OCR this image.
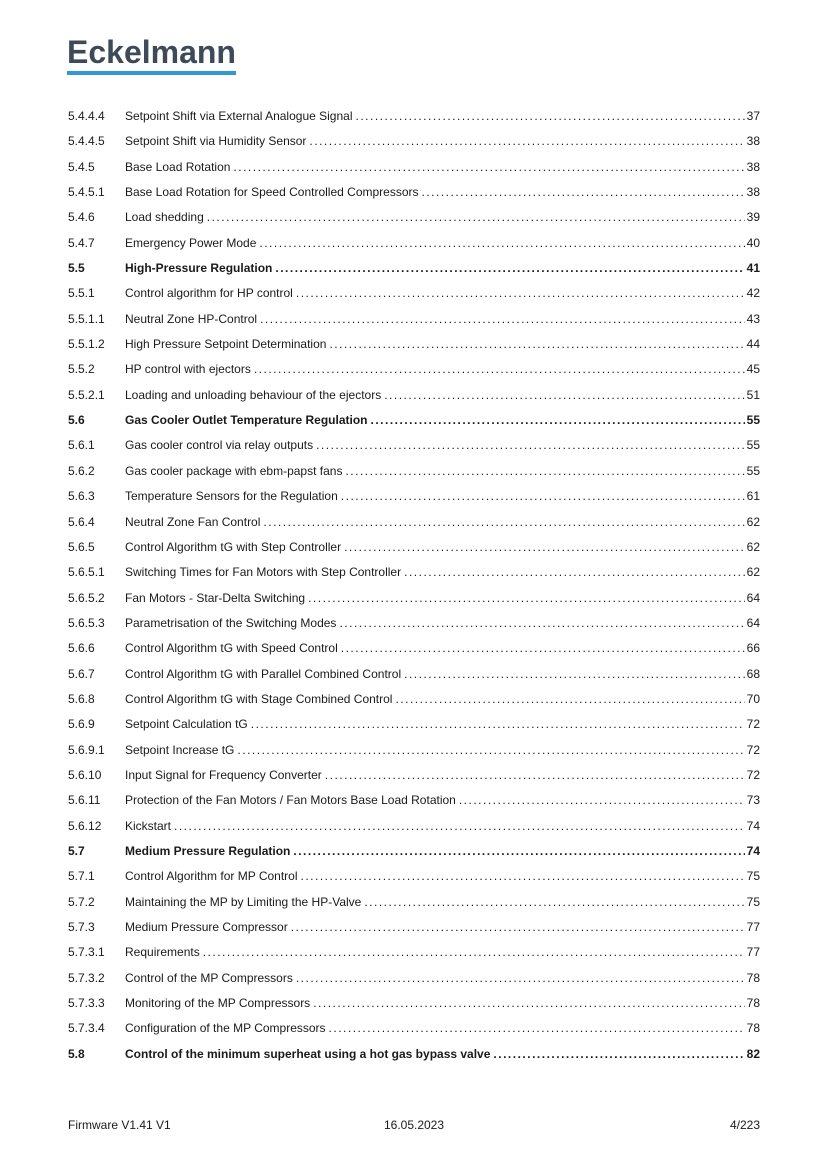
Eckelmann
5.4.4.4	Setpoint Shift via External Analogue Signal .....	37
5.4.4.5	Setpoint Shift via Humidity Sensor .....	38
5.4.5	Base Load Rotation .....	38
5.4.5.1	Base Load Rotation for Speed Controlled Compressors .....	38
5.4.6	Load shedding .....	39
5.4.7	Emergency Power Mode .....	40
5.5	High-Pressure Regulation .....	41
5.5.1	Control algorithm for HP control .....	42
5.5.1.1	Neutral Zone HP-Control .....	43
5.5.1.2	High Pressure Setpoint Determination .....	44
5.5.2	HP control with ejectors .....	45
5.5.2.1	Loading and unloading behaviour of the ejectors .....	51
5.6	Gas Cooler Outlet Temperature Regulation .....	55
5.6.1	Gas cooler control via relay outputs .....	55
5.6.2	Gas cooler package with ebm-papst fans .....	55
5.6.3	Temperature Sensors for the Regulation .....	61
5.6.4	Neutral Zone Fan Control .....	62
5.6.5	Control Algorithm tG with Step Controller .....	62
5.6.5.1	Switching Times for Fan Motors with Step Controller .....	62
5.6.5.2	Fan Motors - Star-Delta Switching .....	64
5.6.5.3	Parametrisation of the Switching Modes .....	64
5.6.6	Control Algorithm tG with Speed Control .....	66
5.6.7	Control Algorithm tG with Parallel Combined Control .....	68
5.6.8	Control Algorithm tG with Stage Combined Control .....	70
5.6.9	Setpoint Calculation tG .....	72
5.6.9.1	Setpoint Increase tG .....	72
5.6.10	Input Signal for Frequency Converter .....	72
5.6.11	Protection of the Fan Motors / Fan Motors Base Load Rotation .....	73
5.6.12	Kickstart .....	74
5.7	Medium Pressure Regulation .....	74
5.7.1	Control Algorithm for MP Control .....	75
5.7.2	Maintaining the MP by Limiting the HP-Valve .....	75
5.7.3	Medium Pressure Compressor .....	77
5.7.3.1	Requirements .....	77
5.7.3.2	Control of the MP Compressors .....	78
5.7.3.3	Monitoring of the MP Compressors .....	78
5.7.3.4	Configuration of the MP Compressors .....	78
5.8	Control of the minimum superheat using a hot gas bypass valve .....	82
Firmware V1.41 V1	16.05.2023	4/223
